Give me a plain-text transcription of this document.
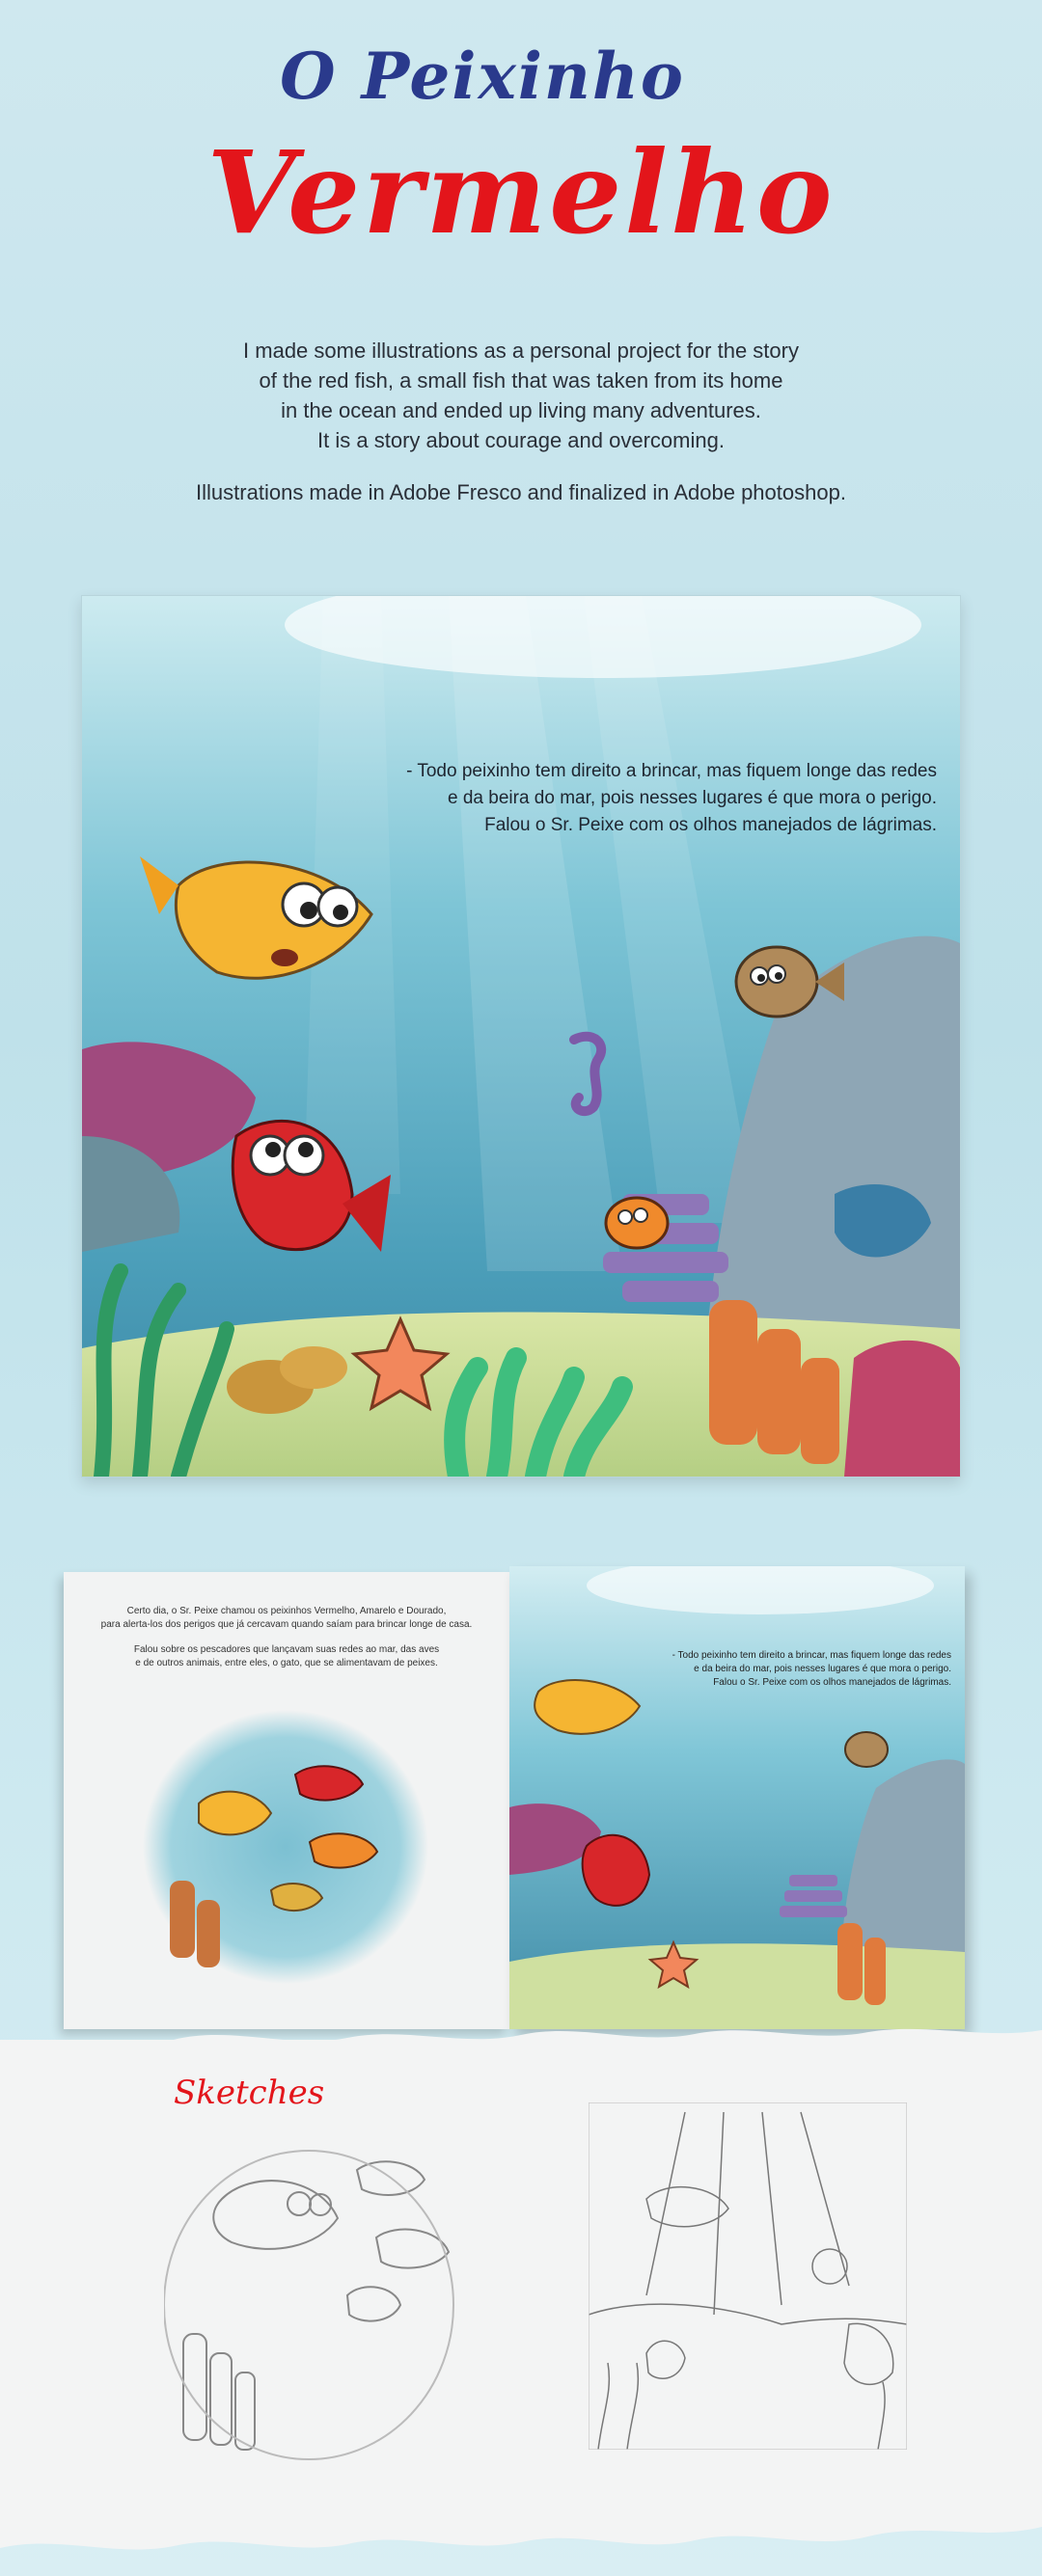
O Peixinho
Vermelho
I made some illustrations as a personal project for the story
of the red fish, a small fish that was taken from its home
in the ocean and ended up living many adventures.
It is a story about courage and overcoming.
Illustrations made in Adobe Fresco and finalized in Adobe photoshop.
- Todo peixinho tem direito a brincar, mas fiquem longe das redes
e da beira do mar, pois nesses lugares é que mora o perigo.
Falou o Sr. Peixe com os olhos manejados de lágrimas.
Certo dia, o Sr. Peixe chamou os peixinhos Vermelho, Amarelo e Dourado,
para alerta-los dos perigos que já cercavam quando saíam para brincar longe de casa.
Falou sobre os pescadores que lançavam suas redes ao mar, das aves
e de outros animais, entre eles, o gato, que se alimentavam de peixes.
- Todo peixinho tem direito a brincar, mas fiquem longe das redes
e da beira do mar, pois nesses lugares é que mora o perigo.
Falou o Sr. Peixe com os olhos manejados de lágrimas.
Sketches
